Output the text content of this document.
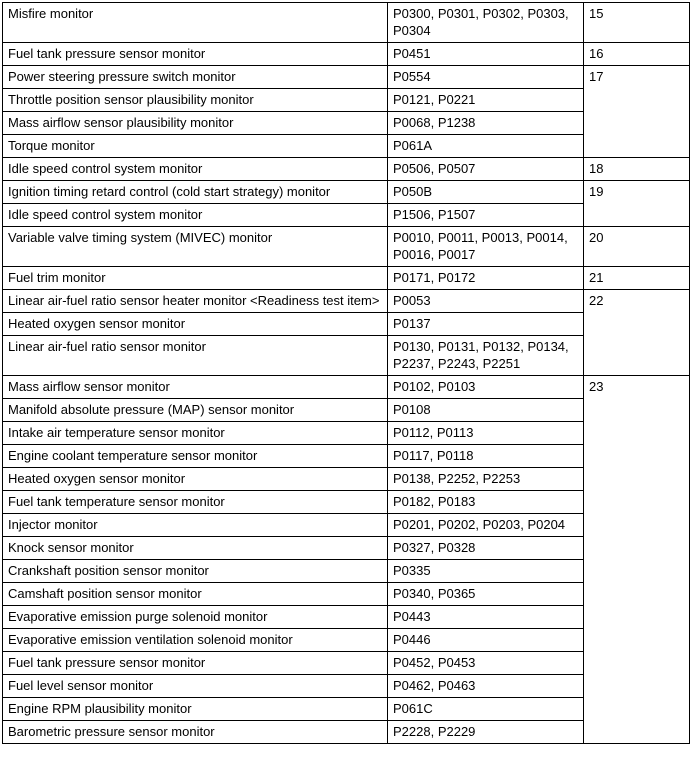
Misfire monitor	P0300, P0301, P0302, P0303, P0304	15
Fuel tank pressure sensor monitor	P0451	16
Power steering pressure switch monitor	P0554	17
Throttle position sensor plausibility monitor	P0121, P0221	
Mass airflow sensor plausibility monitor	P0068, P1238	
Torque monitor	P061A	
Idle speed control system monitor	P0506, P0507	18
Ignition timing retard control (cold start strategy) monitor	P050B	19
Idle speed control system monitor	P1506, P1507	
Variable valve timing system (MIVEC) monitor	P0010, P0011, P0013, P0014, P0016, P0017	20
Fuel trim monitor	P0171, P0172	21
Linear air-fuel ratio sensor heater monitor <Readiness test item>	P0053	22
Heated oxygen sensor monitor	P0137	
Linear air-fuel ratio sensor monitor	P0130, P0131, P0132, P0134, P2237, P2243, P2251	
Mass airflow sensor monitor	P0102, P0103	23
Manifold absolute pressure (MAP) sensor monitor	P0108	
Intake air temperature sensor monitor	P0112, P0113	
Engine coolant temperature sensor monitor	P0117, P0118	
Heated oxygen sensor monitor	P0138, P2252, P2253	
Fuel tank temperature sensor monitor	P0182, P0183	
Injector monitor	P0201, P0202, P0203, P0204	
Knock sensor monitor	P0327, P0328	
Crankshaft position sensor monitor	P0335	
Camshaft position sensor monitor	P0340, P0365	
Evaporative emission purge solenoid monitor	P0443	
Evaporative emission ventilation solenoid monitor	P0446	
Fuel tank pressure sensor monitor	P0452, P0453	
Fuel level sensor monitor	P0462, P0463	
Engine RPM plausibility monitor	P061C	
Barometric pressure sensor monitor	P2228, P2229	
